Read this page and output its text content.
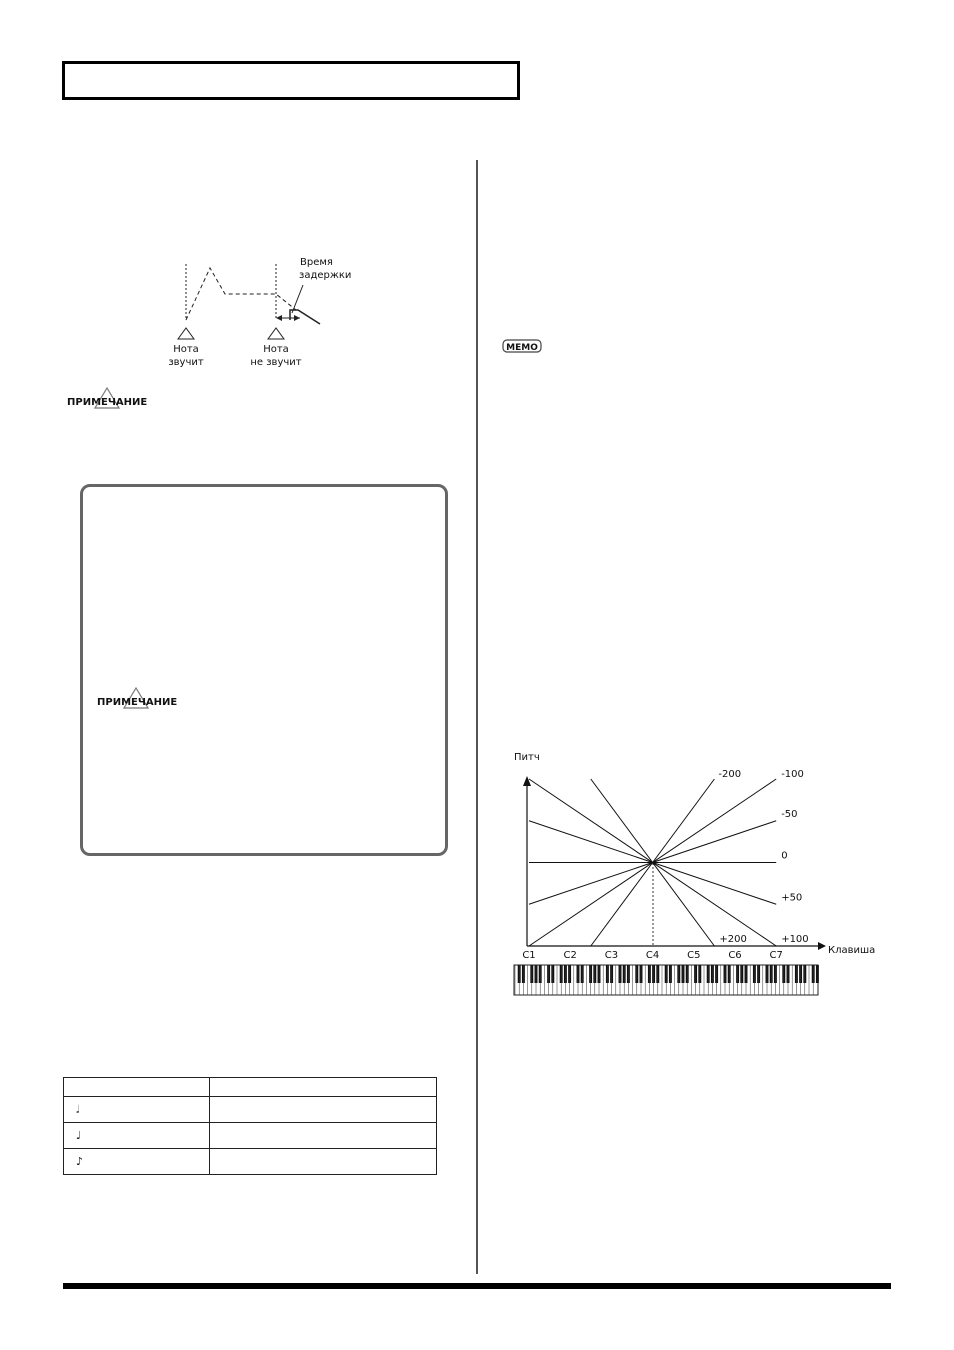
Время
задержки
Нота
звучит
Нота
не звучит
ПРИМЕЧАНИЕ
ПРИМЕЧАНИЕ
MEMO
Питч
Клавиша
+200	+100
+50
0
-50
-100
-200
C1	C2	C3	C4	C5	C6	C7

𝅗𝅥	
♩	
♪	
